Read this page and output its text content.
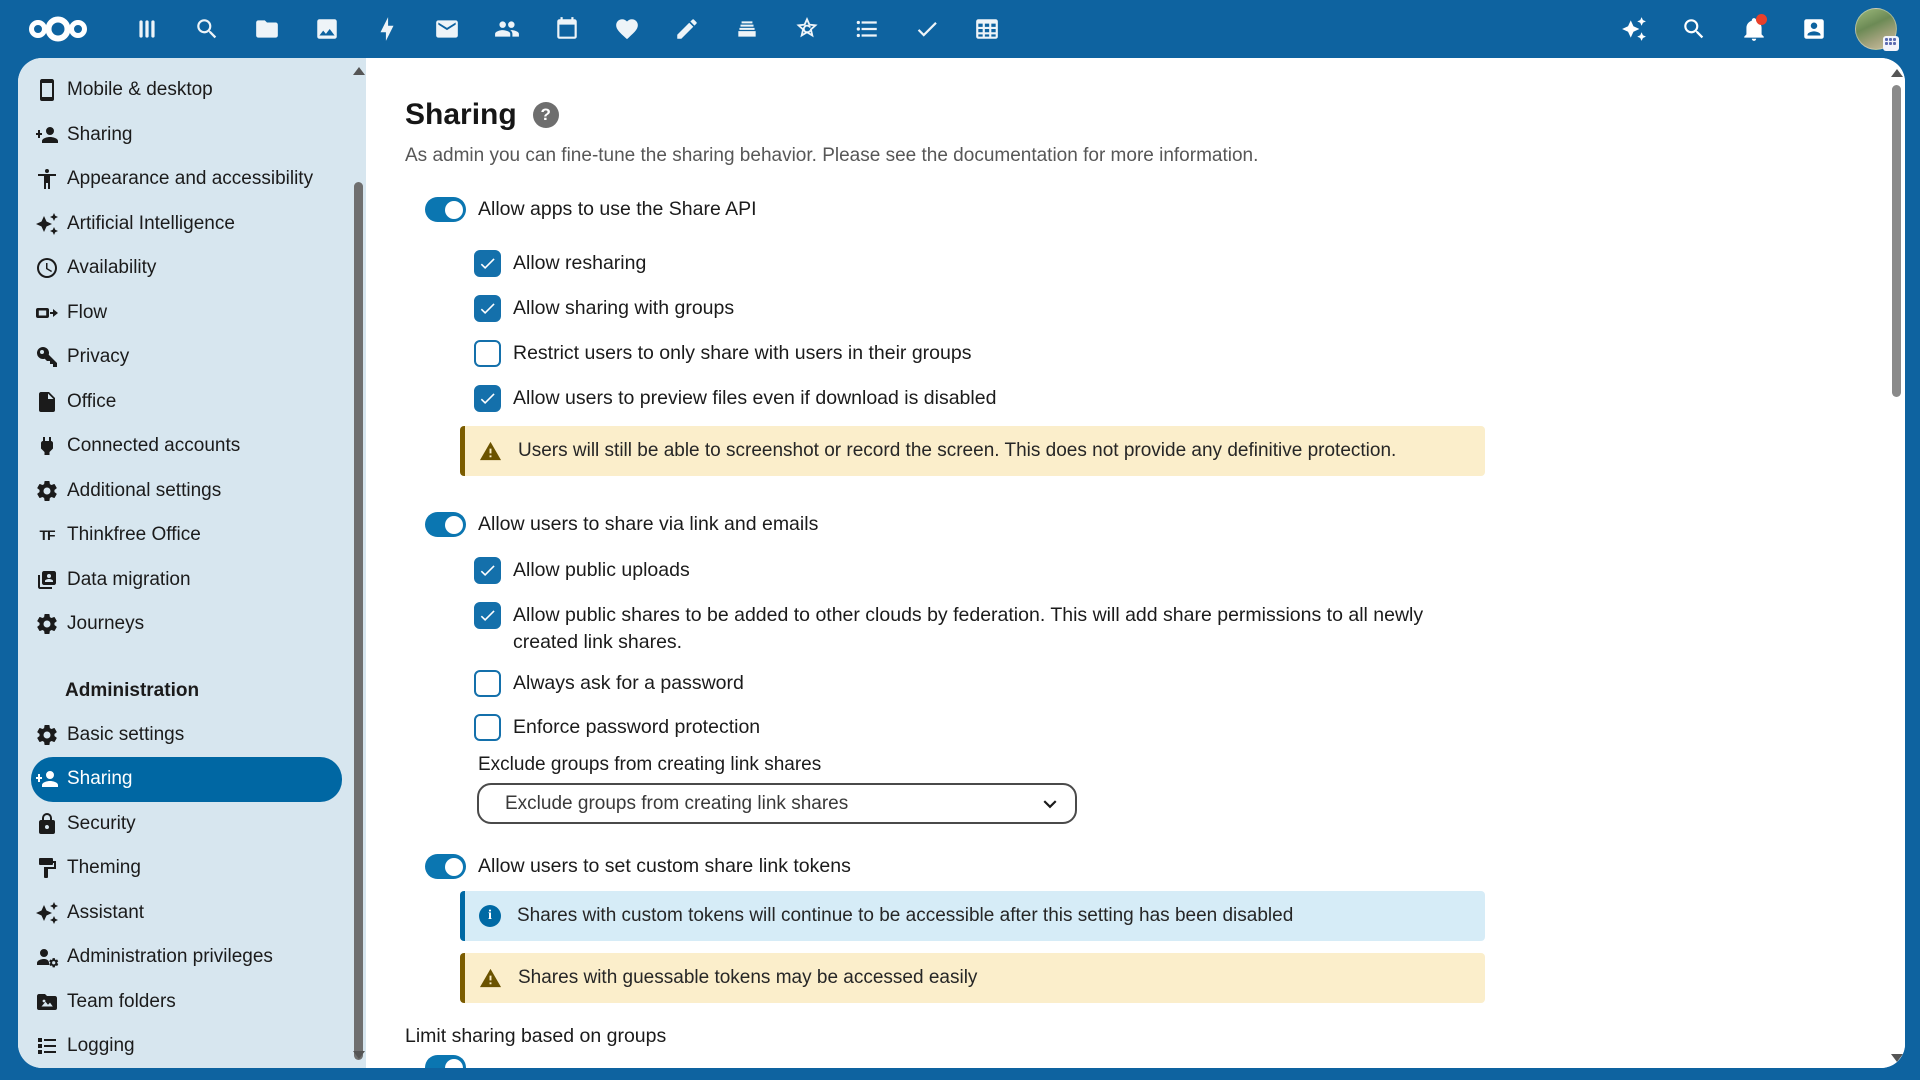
Mobile & desktop
Sharing
Appearance and accessibility
Artificial Intelligence
Availability
Flow
Privacy
Office
Connected accounts
Additional settings
TF Thinkfree Office
Data migration
Journeys
Administration
Basic settings
Sharing
Security
Theming
Assistant
Administration privileges
Team folders
Logging
Sharing	?
As admin you can fine-tune the sharing behavior. Please see the documentation for more information.
Allow apps to use the Share API
Allow resharing
Allow sharing with groups
Restrict users to only share with users in their groups
Allow users to preview files even if download is disabled
Users will still be able to screenshot or record the screen. This does not provide any definitive protection.
Allow users to share via link and emails
Allow public uploads
Allow public shares to be added to other clouds by federation. This will add share permissions to all newly created link shares.
Always ask for a password
Enforce password protection
Exclude groups from creating link shares
Exclude groups from creating link shares
Allow users to set custom share link tokens
i	Shares with custom tokens will continue to be accessible after this setting has been disabled
Shares with guessable tokens may be accessed easily
Limit sharing based on groups
